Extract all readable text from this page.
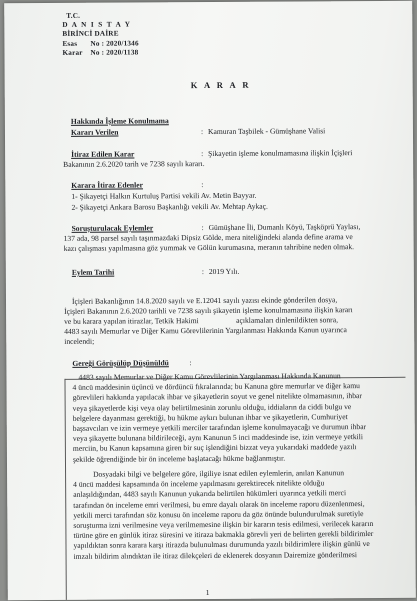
T.C.
D A N I S T A Y
BİRİNCİ DAİRE
Esas No : 2020/1346
Karar No : 2020/1138
K A R A R
Hakkında İşleme Konulmama
Kararı Verilen	: Kamuran Taşbilek - Gümüşhane Valisi
İtiraz Edilen Karar	: Şikayetin işleme konulmamasına ilişkin İçişleri
Bakanının 2.6.2020 tarih ve 7238 sayılı kararı.
Karara İtiraz Edenler	:
1- Şikayetçi Halkın Kurtuluş Partisi vekili Av. Metin Bayyar.
2- Şikayetçi Ankara Barosu Başkanlığı vekili Av. Mehtap Aykaç.
Soruşturulacak Eylemler	: Gümüşhane İli, Dumanlı Köyü, Taşköprü Yaylası,
137 ada, 98 parsel sayılı taşınmazdaki Dipsiz Gölde, mera niteliğindeki alanda define arama ve
kazı çalışması yapılmasına göz yummak ve Gölün kurumasına, meranın tahribine neden olmak.
Eylem Tarihi	: 2019 Yılı.
İçişleri Bakanlığının 14.8.2020 sayılı ve E.12041 sayılı yazısı ekinde gönderilen dosya,
İçişleri Bakanının 2.6.2020 tarihli ve 7238 sayılı şikayetin işleme konulmamasına ilişkin kararı
ve bu karara yapılan itirazlar, Tetkik Hakimi	açıklamaları dinlenildikten sonra,
4483 sayılı Memurlar ve Diğer Kamu Görevlilerinin Yargılanması Hakkında Kanun uyarınca
incelendi;
Gereği Görüşülüp Düşünüldü	:

4483 sayılı Memurlar ve Diğer Kamu Görevlilerinin Yargılanması Hakkında Kanunun

4 üncü maddesinin üçüncü ve dördüncü fıkralarında; bu Kanuna göre memurlar ve diğer kamu

görevlileri hakkında yapılacak ihbar ve şikayetlerin soyut ve genel nitelikte olmamasının, ihbar

veya şikayetlerde kişi veya olay belirtilmesinin zorunlu olduğu, iddiaların da ciddi bulgu ve

belgelere dayanması gerektiği, bu hükme aykırı bulunan ihbar ve şikayetlerin, Cumhuriyet

başsavcıları ve izin vermeye yetkili merciler tarafından işleme konulmayacağı ve durumun ihbar

veya şikayette bulunana bildirileceği, aynı Kanunun 5 inci maddesinde ise, izin vermeye yetkili

merciin, bu Kanun kapsamına giren bir suç işlendiğini bizzat veya yukarıdaki maddede yazılı

şekilde öğrendiğinde bir ön inceleme başlatacağı hükme bağlanmıştır.

Dosyadaki bilgi ve belgelere göre, ilgiliye isnat edilen eylemlerin, anılan Kanunun

4 üncü maddesi kapsamında ön inceleme yapılmasını gerektirecek nitelikte olduğu

anlaşıldığından, 4483 sayılı Kanunun yukarıda belirtilen hükümleri uyarınca yetkili merci

tarafından ön inceleme emri verilmesi, bu emre dayalı olarak ön inceleme raporu düzenlenmesi,

yetkili merci tarafından söz konusu ön inceleme raporu da göz önünde bulundurulmak suretiyle

soruşturma izni verilmesine veya verilmemesine ilişkin bir kararın tesis edilmesi, verilecek kararın

türüne göre en günlük itiraz süresini ve itiraza bakmakla görevli yeri de belirten gerekli bildirimler

yapıldıktan sonra karara karşı itirazda bulunulması durumunda yazılı bildirimlere ilişkin günlü ve

imzalı bildirim alındıktan ile itiraz dilekçeleri de eklenerek dosyanın Dairemize gönderilmesi

1
